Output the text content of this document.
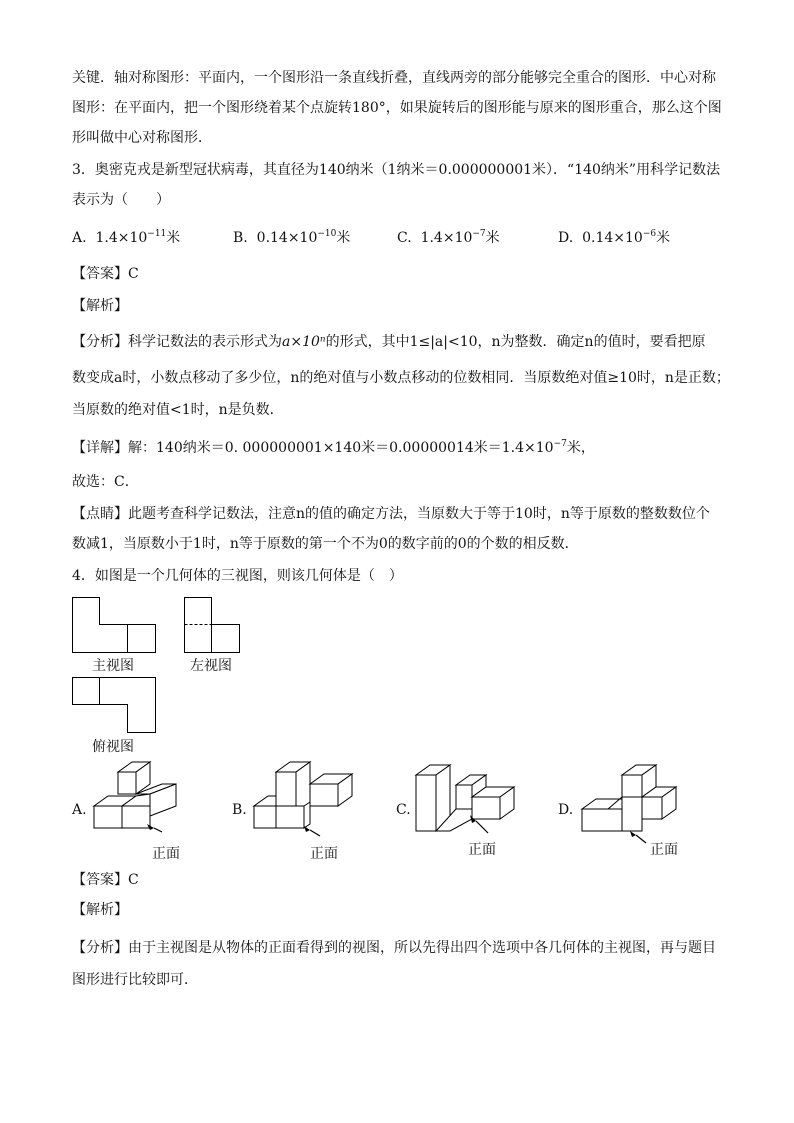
关键．轴对称图形：平面内，一个图形沿一条直线折叠，直线两旁的部分能够完全重合的图形．中心对称
图形：在平面内，把一个图形绕着某个点旋转180°，如果旋转后的图形能与原来的图形重合，那么这个图
形叫做中心对称图形．
3．奥密克戎是新型冠状病毒，其直径为140纳米（1纳米＝0.000000001米）．“140纳米”用科学记数法
表示为（　　）
A. $1.4\times 10^{-11}$米	B. $0.14\times 10^{-10}$米	C. $1.4\times 10^{-7}$米	D. $0.14\times 10^{-6}$米
【答案】C
【解析】
【分析】科学记数法的表示形式为a×10ⁿ的形式，其中1≤|a|<10，n为整数．确定n的值时，要看把原
数变成a时，小数点移动了多少位，n的绝对值与小数点移动的位数相同．当原数绝对值≥10时，n是正数；
当原数的绝对值<1时，n是负数．
【详解】解：140纳米＝0. 000000001×140米＝0.00000014米$=1.4\times 10^{-7}$米，
故选：C．
【点睛】此题考查科学记数法，注意n的值的确定方法，当原数大于等于10时，n等于原数的整数数位个
数减1，当原数小于1时，n等于原数的第一个不为0的数字前的0的个数的相反数．
4．如图是一个几何体的三视图，则该几何体是（　）
主视图	左视图
俯视图
A.
正面
B.
正面
C.
正面
D.
正面
【答案】C
【解析】
【分析】由于主视图是从物体的正面看得到的视图，所以先得出四个选项中各几何体的主视图，再与题目
图形进行比较即可．
